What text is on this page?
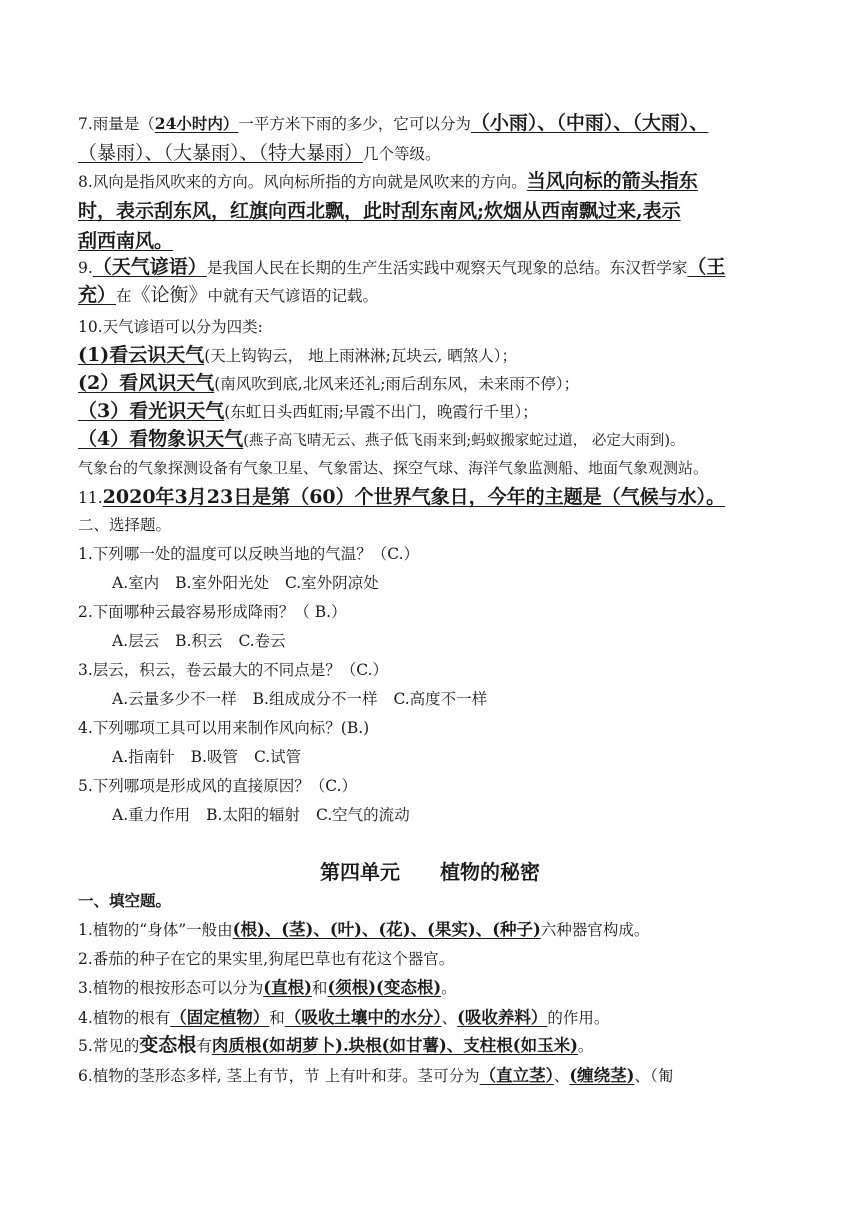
7.雨量是（24小时内）一平方米下雨的多少，它可以分为（小雨）、（中雨）、（大雨）、
（暴雨）、（大暴雨）、（特大暴雨）几个等级。
8.风向是指风吹来的方向。风向标所指的方向就是风吹来的方向。当风向标的箭头指东
时，表示刮东风，红旗向西北飘，此时刮东南风;炊烟从西南飘过来,表示
刮西南风。
9.（天气谚语）是我国人民在长期的生产生活实践中观察天气现象的总结。东汉哲学家（王
充）在《论衡》中就有天气谚语的记载。
10.天气谚语可以分为四类:
(1)看云识天气(天上钩钩云， 地上雨淋淋;瓦块云, 晒煞人）；
(2）看风识天气(南风吹到底,北风来还礼;雨后刮东风，未来雨不停）；
（3）看光识天气(东虹日头西虹雨;早霞不出门，晚霞行千里）；
（4）看物象识天气(燕子高飞晴无云、燕子低飞雨来到;蚂蚁搬家蛇过道， 必定大雨到)。
气象台的气象探测设备有气象卫星、气象雷达、探空气球、海洋气象监测船、地面气象观测站。
11.2020年3月23日是第（60）个世界气象日，今年的主题是（气候与水）。
二、选择题。
1.下列哪一处的温度可以反映当地的气温？（C.）
A.室内 B.室外阳光处 C.室外阴凉处
2.下面哪种云最容易形成降雨？（ B.）
A.层云 B.积云 C.卷云
3.层云，积云，卷云最大的不同点是？（C.）
A.云量多少不一样 B.组成成分不一样 C.高度不一样
4.下列哪项工具可以用来制作风向标？(B.)
A.指南针 B.吸管 C.试管
5.下列哪项是形成风的直接原因？（C.）
A.重力作用 B.太阳的辐射 C.空气的流动
第四单元 植物的秘密
一、填空题。
1.植物的“身体”一般由(根)、(茎)、(叶)、(花)、(果实)、(种子)六种器官构成。
2.番茄的种子在它的果实里,狗尾巴草也有花这个器官。
3.植物的根按形态可以分为(直根)和(须根)(变态根)。
4.植物的根有（固定植物）和（吸收土壤中的水分）、(吸收养料）的作用。
5.常见的变态根有肉质根(如胡萝卜).块根(如甘薯)、支柱根(如玉米)。
6.植物的茎形态多样, 茎上有节，节 上有叶和芽。茎可分为（直立茎）、(缠绕茎)、（匍
